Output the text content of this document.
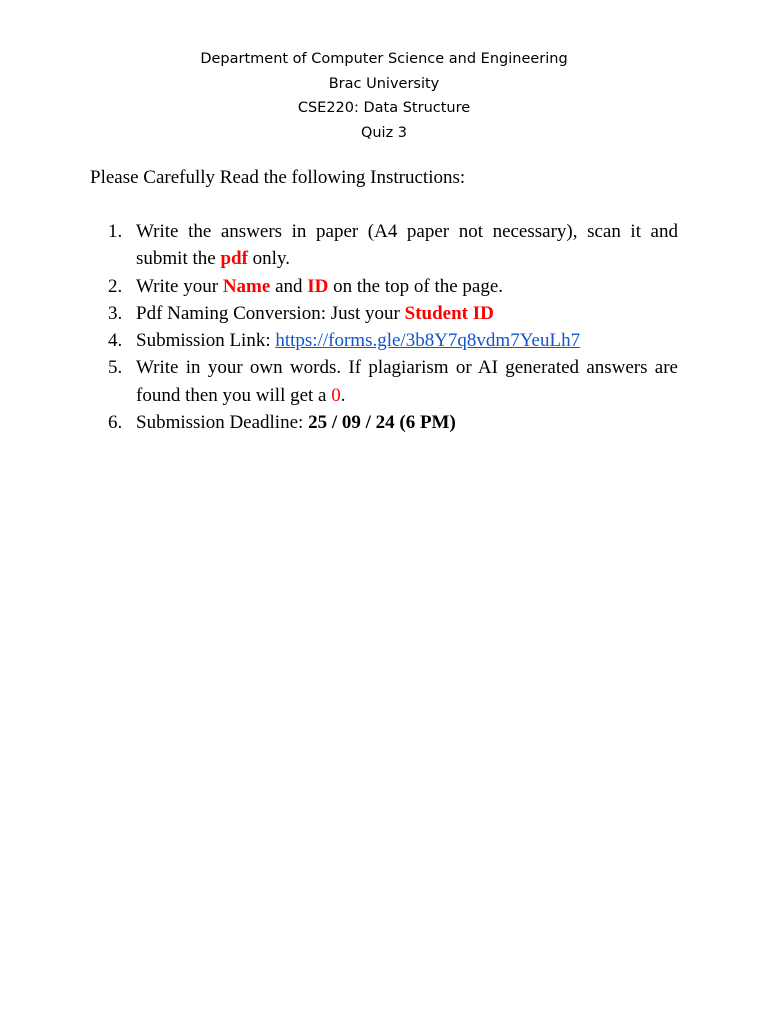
Department of Computer Science and Engineering
Brac University
CSE220: Data Structure
Quiz 3
Please Carefully Read the following Instructions:
1. Write the answers in paper (A4 paper not necessary), scan it and submit the pdf only.
2. Write your Name and ID on the top of the page.
3. Pdf Naming Conversion: Just your Student ID
4. Submission Link: https://forms.gle/3b8Y7q8vdm7YeuLh7
5. Write in your own words. If plagiarism or AI generated answers are found then you will get a 0.
6. Submission Deadline: 25 / 09 / 24 (6 PM)
